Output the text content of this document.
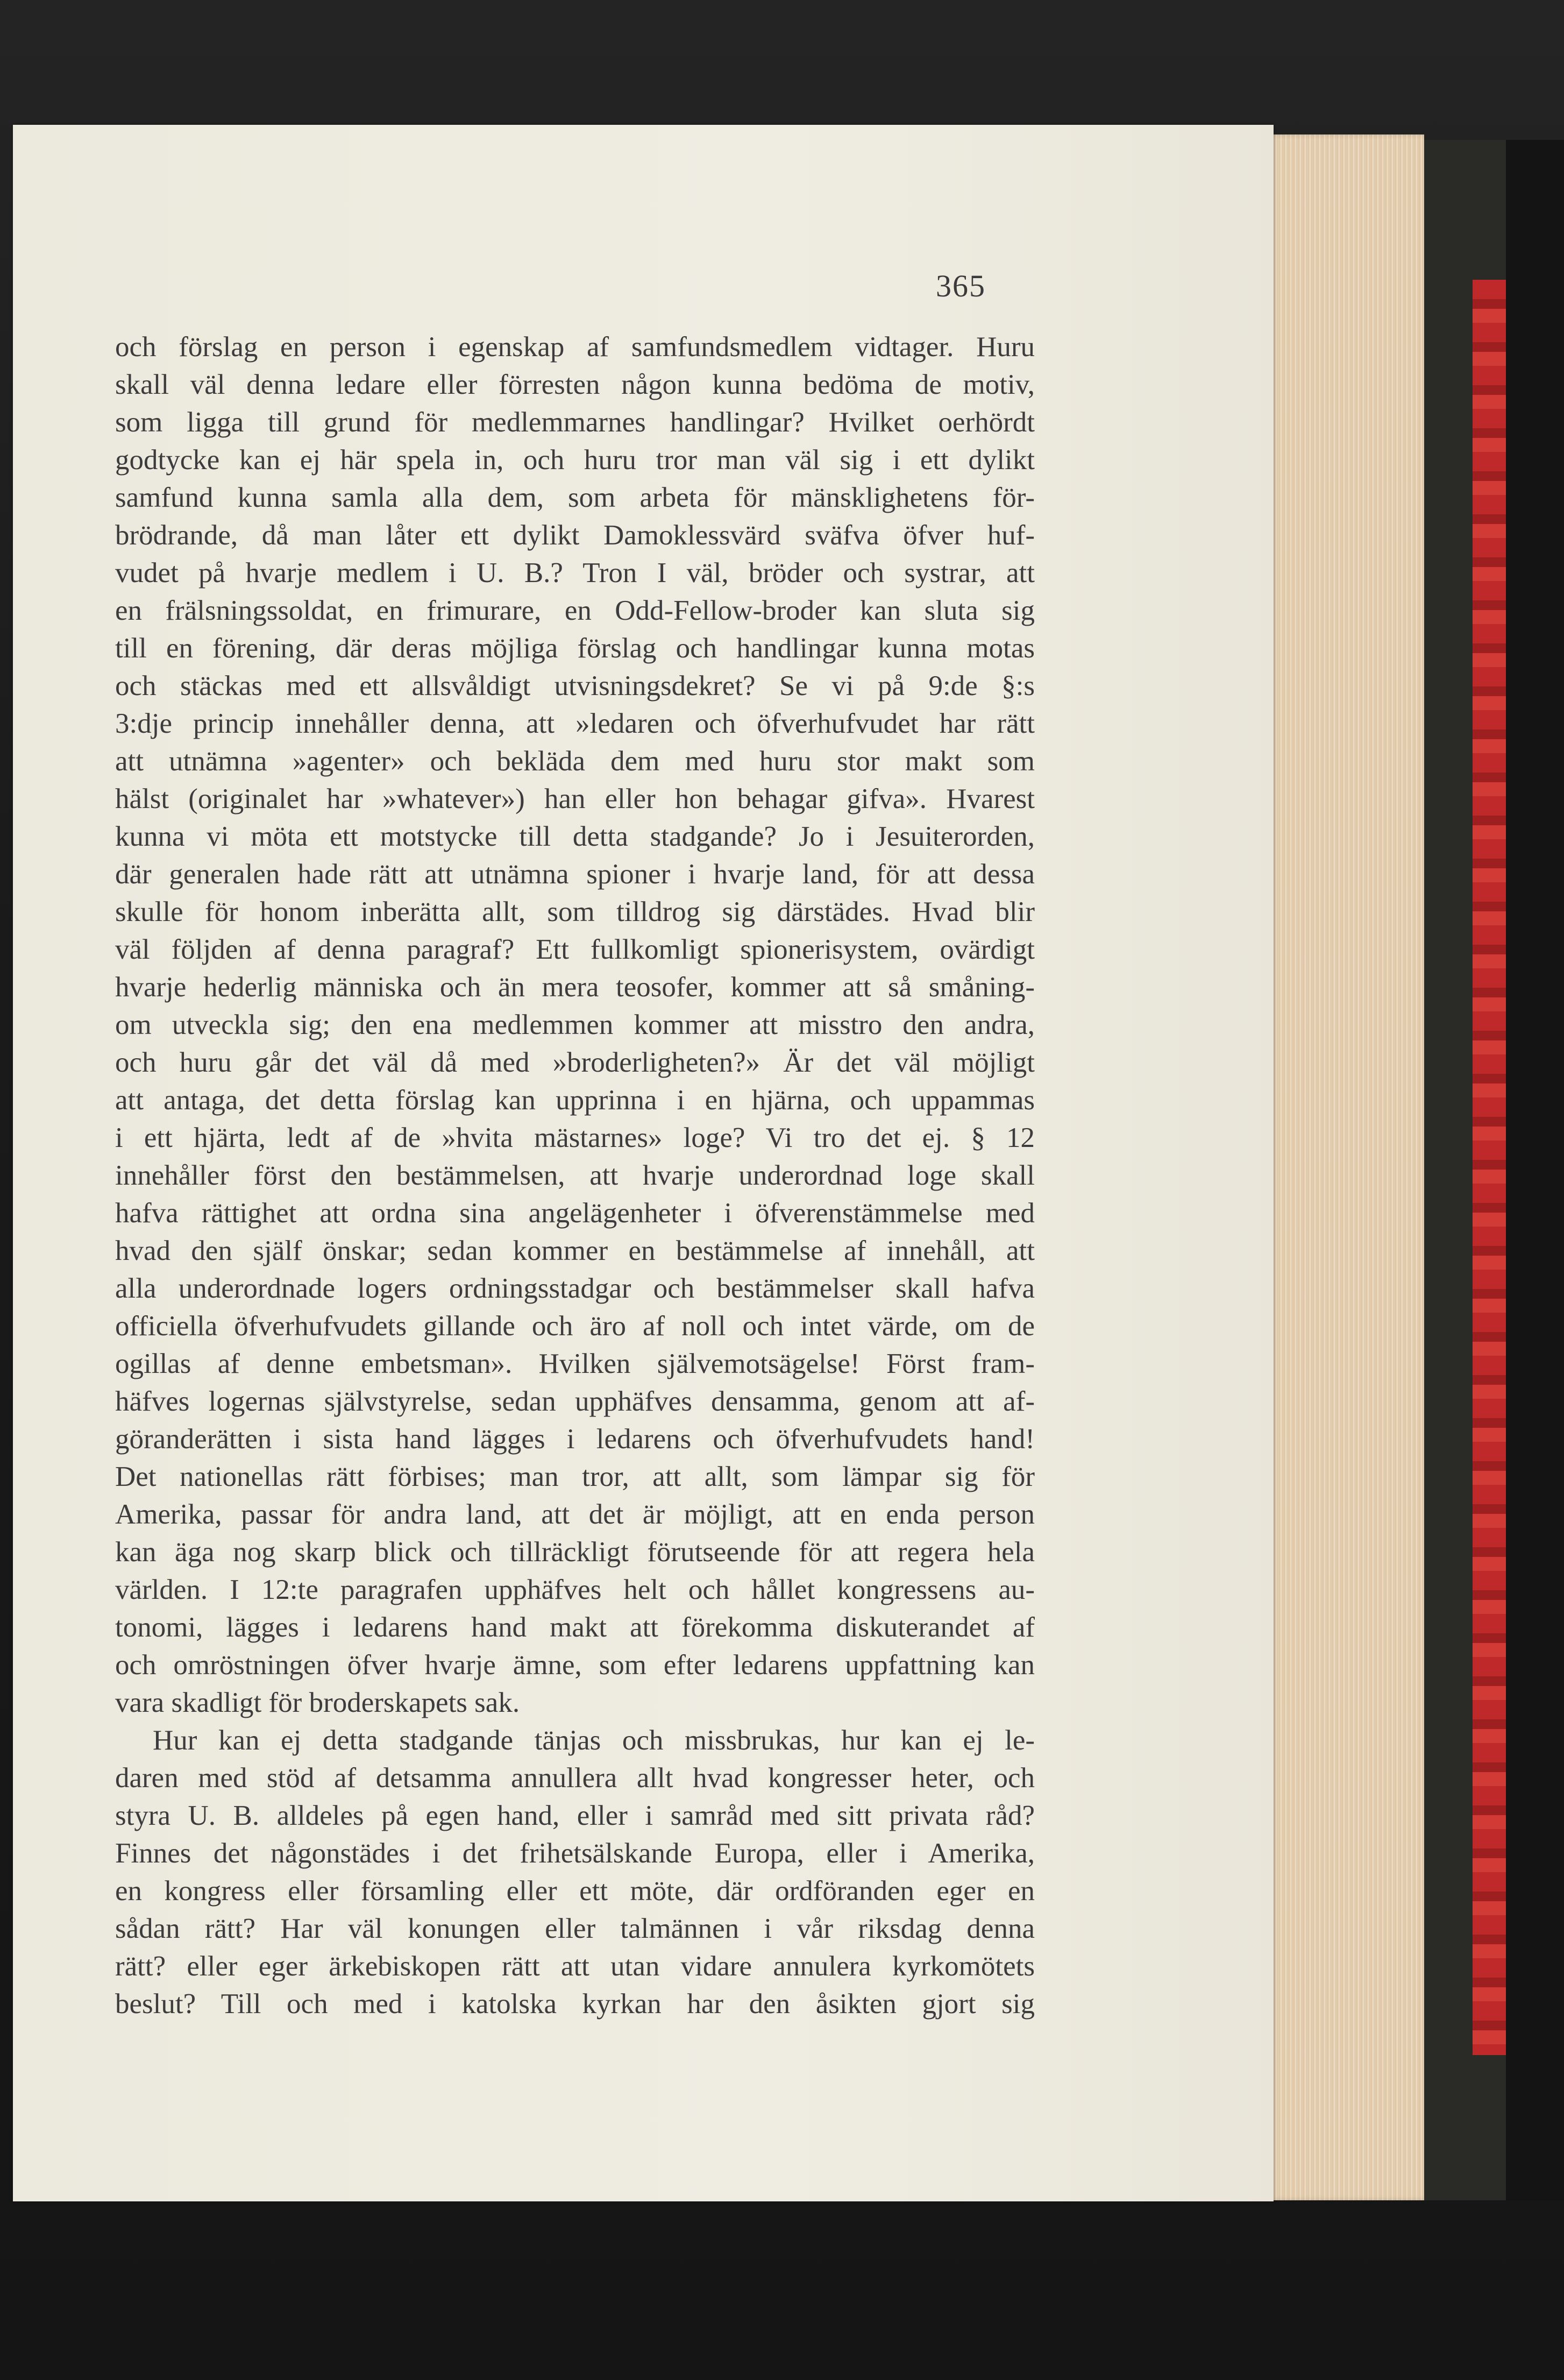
365
och förslag en person i egenskap af samfundsmedlem vidtager. Huru
skall väl denna ledare eller förresten någon kunna bedöma de motiv,
som ligga till grund för medlemmarnes handlingar? Hvilket oerhördt
godtycke kan ej här spela in, och huru tror man väl sig i ett dylikt
samfund kunna samla alla dem, som arbeta för mänsklighetens för-
brödrande, då man låter ett dylikt Damoklessvärd sväfva öfver huf-
vudet på hvarje medlem i U. B.? Tron I väl, bröder och systrar, att
en frälsningssoldat, en frimurare, en Odd-Fellow-broder kan sluta sig
till en förening, där deras möjliga förslag och handlingar kunna motas
och stäckas med ett allsvåldigt utvisningsdekret? Se vi på 9:de §:s
3:dje princip innehåller denna, att »ledaren och öfverhufvudet har rätt
att utnämna »agenter» och bekläda dem med huru stor makt som
hälst (originalet har »whatever») han eller hon behagar gifva». Hvarest
kunna vi möta ett motstycke till detta stadgande? Jo i Jesuiterorden,
där generalen hade rätt att utnämna spioner i hvarje land, för att dessa
skulle för honom inberätta allt, som tilldrog sig därstädes. Hvad blir
väl följden af denna paragraf? Ett fullkomligt spionerisystem, ovärdigt
hvarje hederlig människa och än mera teosofer, kommer att så småning-
om utveckla sig; den ena medlemmen kommer att misstro den andra,
och huru går det väl då med »broderligheten?» Är det väl möjligt
att antaga, det detta förslag kan upprinna i en hjärna, och uppammas
i ett hjärta, ledt af de »hvita mästarnes» loge? Vi tro det ej. § 12
innehåller först den bestämmelsen, att hvarje underordnad loge skall
hafva rättighet att ordna sina angelägenheter i öfverenstämmelse med
hvad den själf önskar; sedan kommer en bestämmelse af innehåll, att
alla underordnade logers ordningsstadgar och bestämmelser skall hafva
officiella öfverhufvudets gillande och äro af noll och intet värde, om de
ogillas af denne embetsman». Hvilken självemotsägelse! Först fram-
häfves logernas självstyrelse, sedan upphäfves densamma, genom att af-
göranderätten i sista hand lägges i ledarens och öfverhufvudets hand!
Det nationellas rätt förbises; man tror, att allt, som lämpar sig för
Amerika, passar för andra land, att det är möjligt, att en enda person
kan äga nog skarp blick och tillräckligt förutseende för att regera hela
världen. I 12:te paragrafen upphäfves helt och hållet kongressens au-
tonomi, lägges i ledarens hand makt att förekomma diskuterandet af
och omröstningen öfver hvarje ämne, som efter ledarens uppfattning kan
vara skadligt för broderskapets sak.
Hur kan ej detta stadgande tänjas och missbrukas, hur kan ej le-
daren med stöd af detsamma annullera allt hvad kongresser heter, och
styra U. B. alldeles på egen hand, eller i samråd med sitt privata råd?
Finnes det någonstädes i det frihetsälskande Europa, eller i Amerika,
en kongress eller församling eller ett möte, där ordföranden eger en
sådan rätt? Har väl konungen eller talmännen i vår riksdag denna
rätt? eller eger ärkebiskopen rätt att utan vidare annulera kyrkomötets
beslut? Till och med i katolska kyrkan har den åsikten gjort sig
